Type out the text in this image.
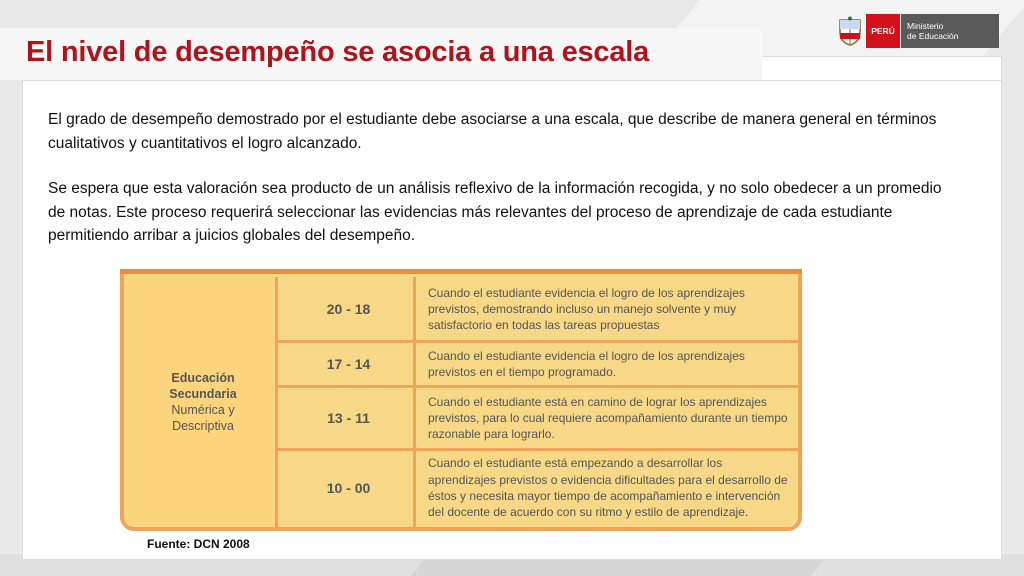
El nivel de desempeño se asocia a una escala
PERÚ	Ministerio
de Educación

El grado de desempeño demostrado por el estudiante debe asociarse a una escala, que describe de manera general en términos cualitativos y cuantitativos el logro alcanzado.

Se espera que esta valoración sea producto de un análisis reflexivo de la información recogida, y no solo obedecer a un promedio de notas. Este proceso requerirá seleccionar las evidencias más relevantes del proceso de aprendizaje de cada estudiante permitiendo arribar a juicios globales del desempeño.

Educación
Secundaria
Numérica y
Descriptiva
20 - 18
Cuando el estudiante evidencia el logro de los aprendizajes previstos, demostrando incluso un manejo solvente y muy satisfactorio en todas las tareas propuestas
17 - 14
Cuando el estudiante evidencia el logro de los aprendizajes previstos en el tiempo programado.
13 - 11
Cuando el estudiante está en camino de lograr los aprendizajes previstos, para lo cual requiere acompañamiento durante un tiempo razonable para lograrlo.
10 - 00
Cuando el estudiante está empezando a desarrollar los aprendizajes previstos o evidencia dificultades para el desarrollo de éstos y necesita mayor tiempo de acompañamiento e intervención del docente de acuerdo con su ritmo y estilo de aprendizaje.
Fuente: DCN 2008
